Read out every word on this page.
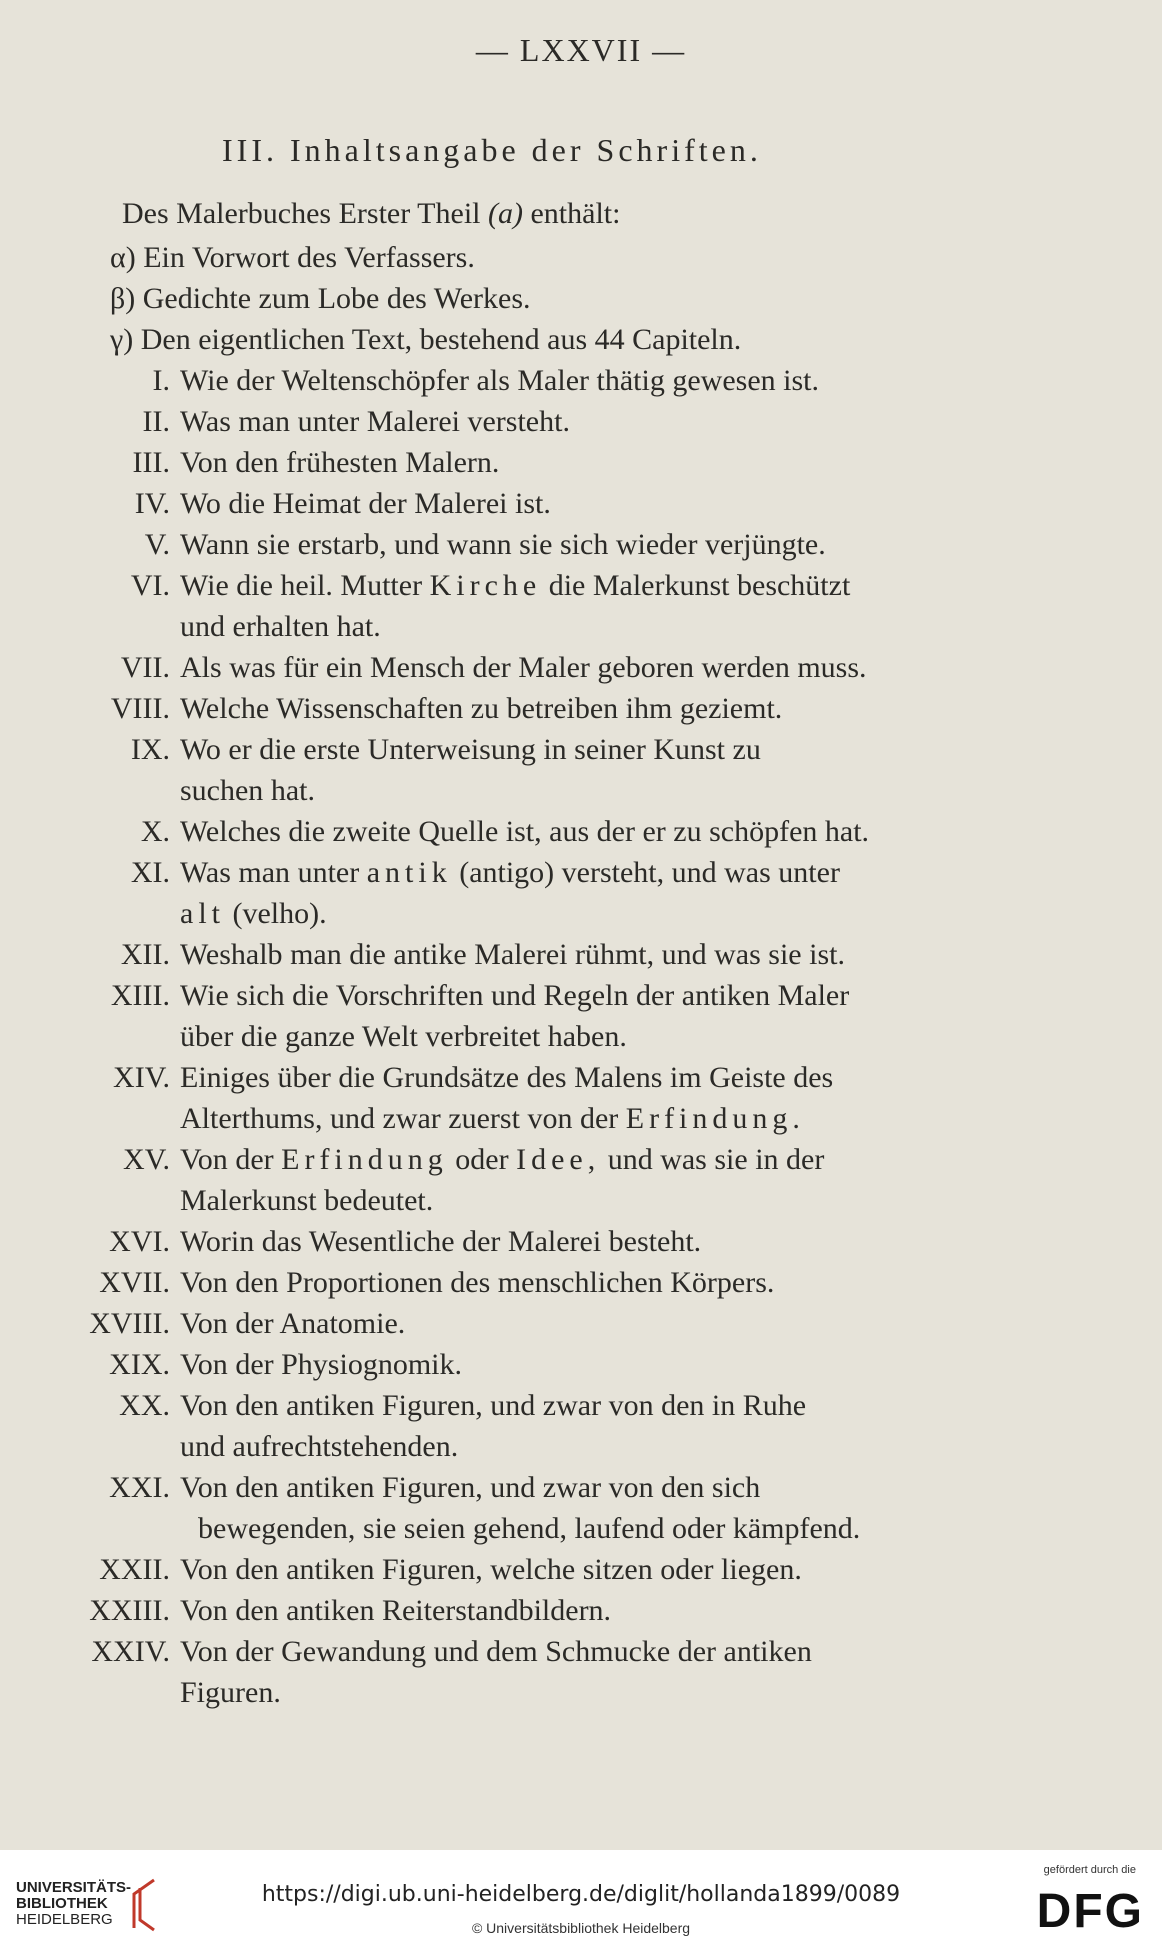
— LXXVII —
III. Inhaltsangabe der Schriften.
Des Malerbuches Erster Theil (a) enthält:
α) Ein Vorwort des Verfassers.
β) Gedichte zum Lobe des Werkes.
γ) Den eigentlichen Text, bestehend aus 44 Capiteln.
I. Wie der Weltenschöpfer als Maler thätig gewesen ist.
II. Was man unter Malerei versteht.
III. Von den frühesten Malern.
IV. Wo die Heimat der Malerei ist.
V. Wann sie erstarb, und wann sie sich wieder verjüngte.
VI. Wie die heil. Mutter Kirche die Malerkunst beschützt
und erhalten hat.
VII. Als was für ein Mensch der Maler geboren werden muss.
VIII. Welche Wissenschaften zu betreiben ihm geziemt.
IX. Wo er die erste Unterweisung in seiner Kunst zu
suchen hat.
X. Welches die zweite Quelle ist, aus der er zu schöpfen hat.
XI. Was man unter antik (antigo) versteht, und was unter
alt (velho).
XII. Weshalb man die antike Malerei rühmt, und was sie ist.
XIII. Wie sich die Vorschriften und Regeln der antiken Maler
über die ganze Welt verbreitet haben.
XIV. Einiges über die Grundsätze des Malens im Geiste des
Alterthums, und zwar zuerst von der Erfindung.
XV. Von der Erfindung oder Idee, und was sie in der
Malerkunst bedeutet.
XVI. Worin das Wesentliche der Malerei besteht.
XVII. Von den Proportionen des menschlichen Körpers.
XVIII. Von der Anatomie.
XIX. Von der Physiognomik.
XX. Von den antiken Figuren, und zwar von den in Ruhe
und aufrechtstehenden.
XXI. Von den antiken Figuren, und zwar von den sich
bewegenden, sie seien gehend, laufend oder kämpfend.
XXII. Von den antiken Figuren, welche sitzen oder liegen.
XXIII. Von den antiken Reiterstandbildern.
XXIV. Von der Gewandung und dem Schmucke der antiken
Figuren.
UNIVERSITÄTS-
BIBLIOTHEK
HEIDELBERG
https://digi.ub.uni-heidelberg.de/diglit/hollanda1899/0089
© Universitätsbibliothek Heidelberg
gefördert durch die
DFG
